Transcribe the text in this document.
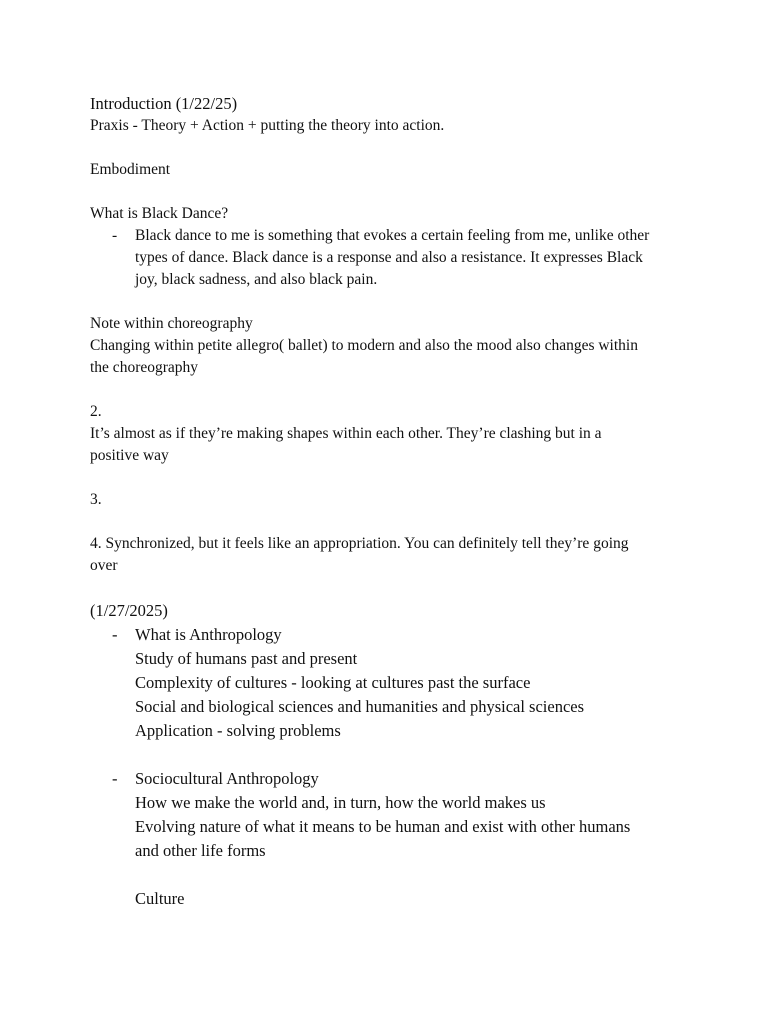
Introduction (1/22/25)
Praxis - Theory + Action + putting the theory into action.
Embodiment
What is Black Dance?
- Black dance to me is something that evokes a certain feeling from me, unlike other
types of dance. Black dance is a response and also a resistance. It expresses Black
joy, black sadness, and also black pain.
Note within choreography
Changing within petite allegro( ballet) to modern and also the mood also changes within
the choreography
2.
It’s almost as if they’re making shapes within each other. They’re clashing but in a
positive way
3.
4. Synchronized, but it feels like an appropriation. You can definitely tell they’re going
over
(1/27/2025)
- What is Anthropology
Study of humans past and present
Complexity of cultures - looking at cultures past the surface
Social and biological sciences and humanities and physical sciences
Application - solving problems
- Sociocultural Anthropology
How we make the world and, in turn, how the world makes us
Evolving nature of what it means to be human and exist with other humans
and other life forms
Culture
